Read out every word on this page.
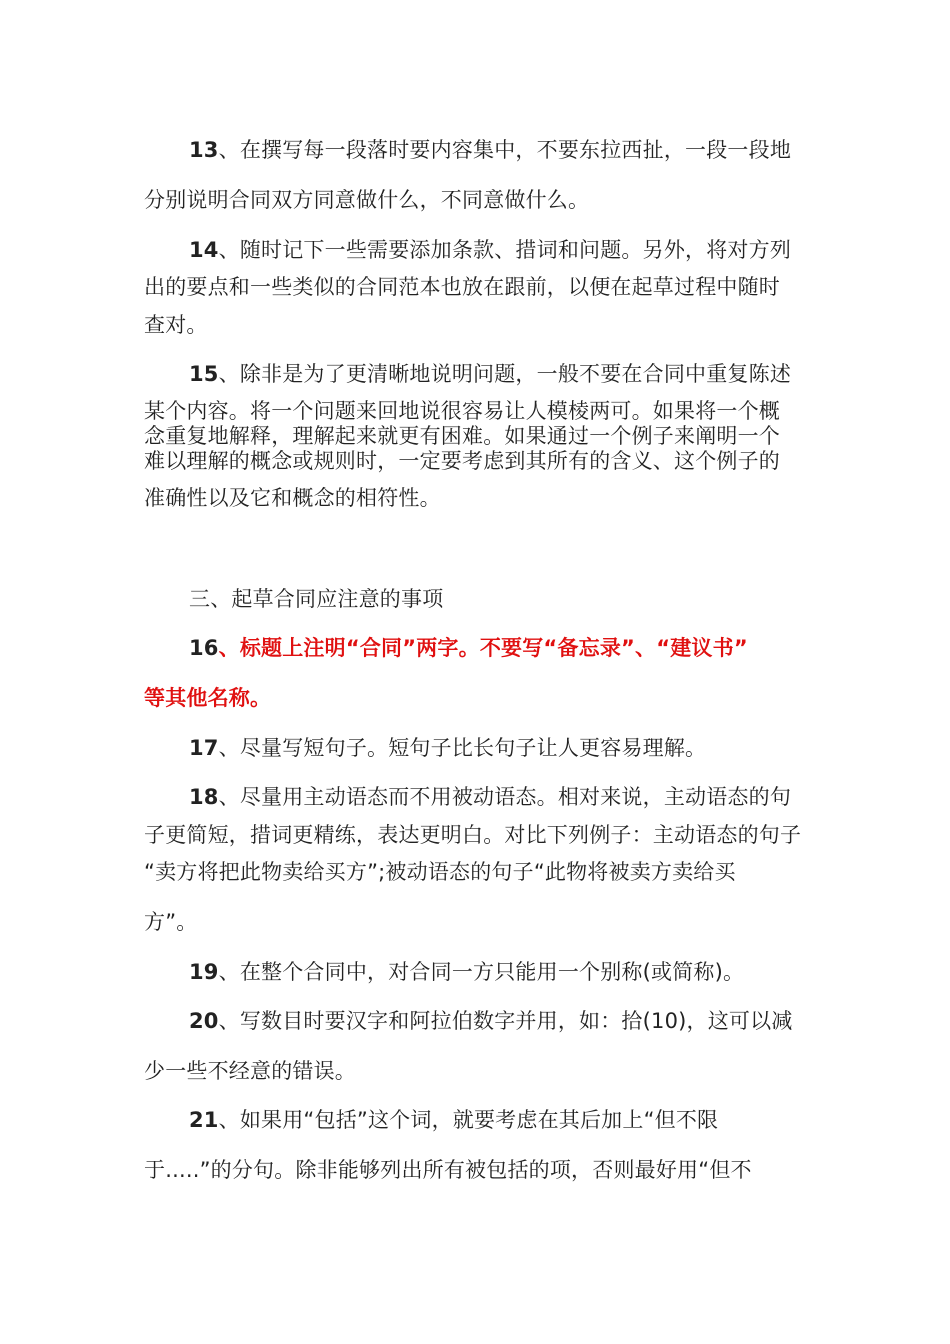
13、在撰写每一段落时要内容集中，不要东拉西扯，一段一段地
分别说明合同双方同意做什么，不同意做什么。
14、随时记下一些需要添加条款、措词和问题。另外，将对方列
出的要点和一些类似的合同范本也放在跟前，以便在起草过程中随时
查对。
15、除非是为了更清晰地说明问题，一般不要在合同中重复陈述
某个内容。将一个问题来回地说很容易让人模棱两可。如果将一个概
念重复地解释，理解起来就更有困难。如果通过一个例子来阐明一个
难以理解的概念或规则时，一定要考虑到其所有的含义、这个例子的
准确性以及它和概念的相符性。
三、起草合同应注意的事项
16、标题上注明“合同”两字。不要写“备忘录”、“建议书”
等其他名称。
17、尽量写短句子。短句子比长句子让人更容易理解。
18、尽量用主动语态而不用被动语态。相对来说，主动语态的句
子更简短，措词更精练，表达更明白。对比下列例子：主动语态的句子
“卖方将把此物卖给买方”;被动语态的句子“此物将被卖方卖给买
方”。
19、在整个合同中，对合同一方只能用一个别称(或简称)。
20、写数目时要汉字和阿拉伯数字并用，如：拾(10)，这可以减
少一些不经意的错误。
21、如果用“包括”这个词，就要考虑在其后加上“但不限
于.....”的分句。除非能够列出所有被包括的项，否则最好用“但不
